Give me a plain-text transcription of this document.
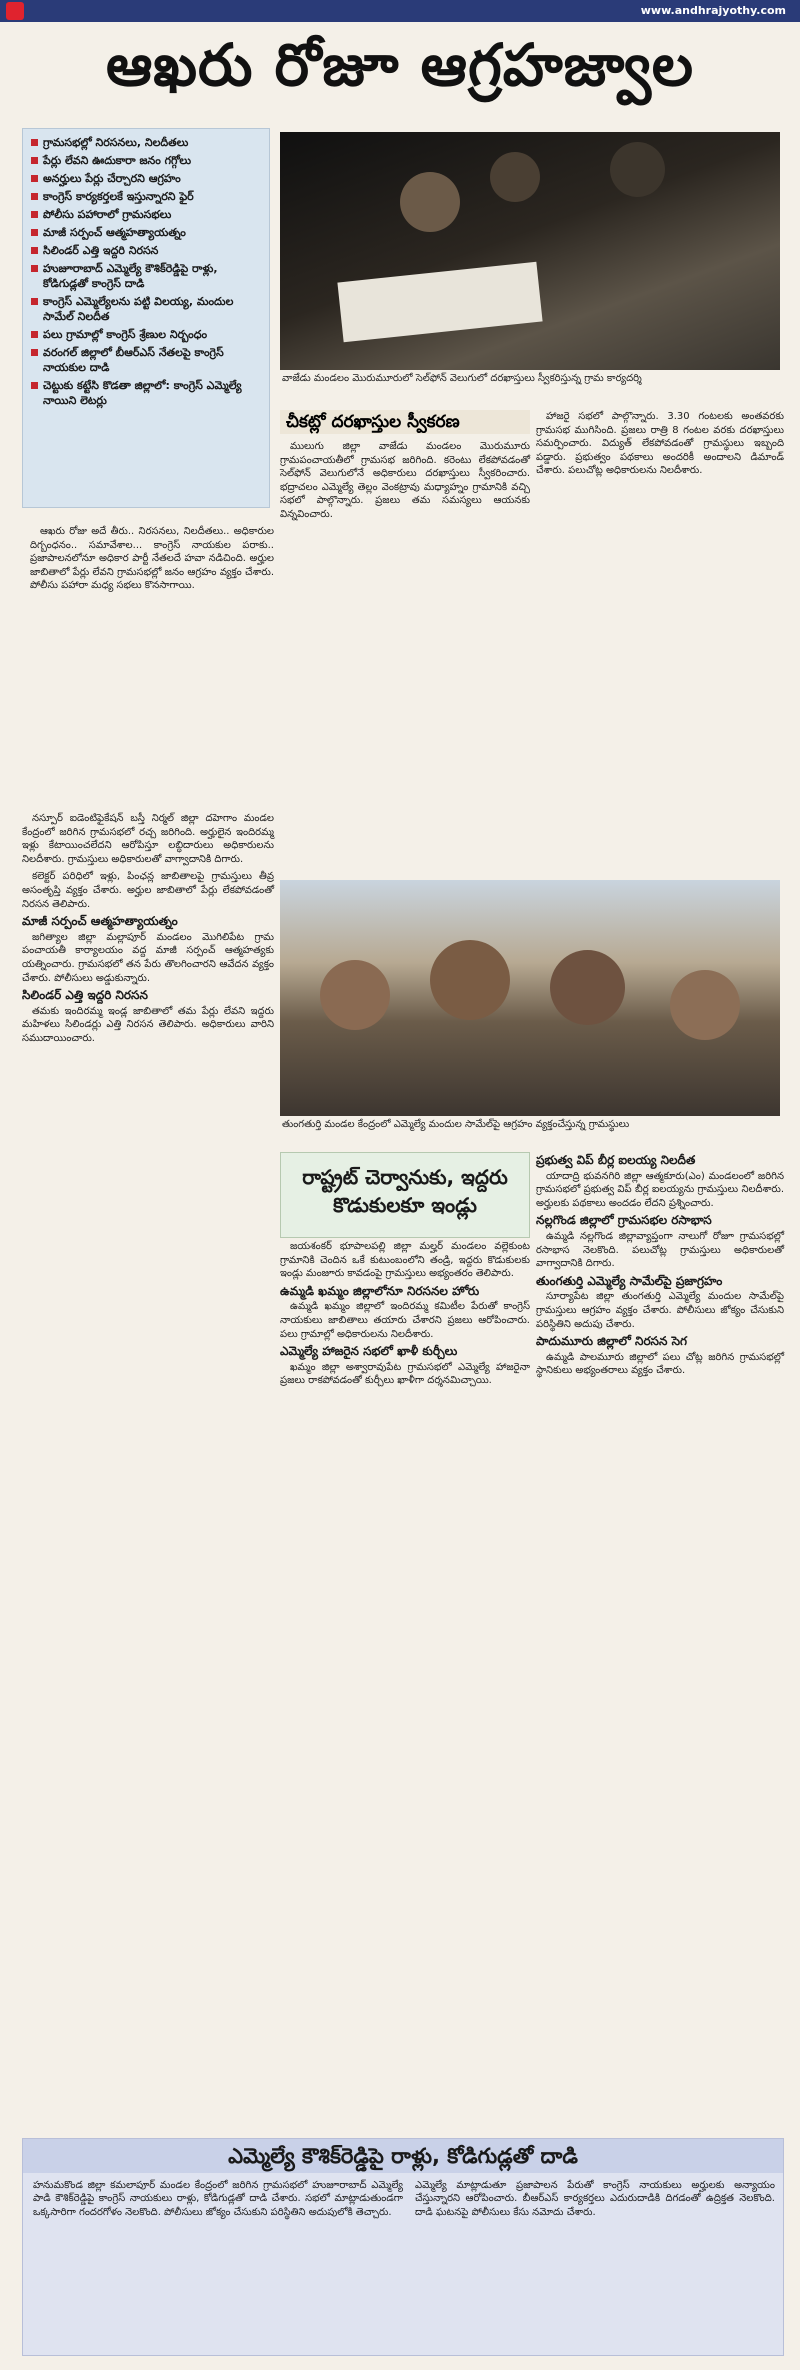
www.andhrajyothy.com
ఆఖరు రోజూ ఆగ్రహజ్వాల
గ్రామసభల్లో నిరసనలు, నిలదీతలు
పేర్లు లేవని ఊదుకారా జనం గగ్గోలు
అనర్హులు పేర్లు చేర్చారని ఆగ్రహం
కాంగ్రెస్ కార్యకర్తలకే ఇస్తున్నారని ఫైర్
పోలీసు పహారాలో గ్రామసభలు
మాజీ సర్పంచ్ ఆత్మహత్యాయత్నం
సిలిండర్ ఎత్తి ఇద్దరి నిరసన
హుజూరాబాద్ ఎమ్మెల్యే కౌశిక్‌రెడ్డిపై రాళ్లు, కోడిగుడ్లతో కాంగ్రెస్ దాడి
కాంగ్రెస్ ఎమ్మెల్యేలను పట్టి విలయ్య, మందుల సామేల్ నిలదీత
పలు గ్రామాల్లో కాంగ్రెస్ శ్రేణుల నిర్బంధం
వరంగల్ జిల్లాలో బీఆర్ఎస్ నేతలపై కాంగ్రెస్ నాయకుల దాడి
చెట్టుకు కట్టేసి కొడతా జిల్లాలో: కాంగ్రెస్ ఎమ్మెల్యే నాయిని లెటర్లు
వాజేడు మండలం మొరుమూరులో సెల్‌ఫోన్ వెలుగులో దరఖాస్తులు స్వీకరిస్తున్న గ్రామ కార్యదర్శి
చీకట్లో దరఖాస్తుల స్వీకరణ

ఆఖరు రోజు అదే తీరు.. నిరసనలు, నిలదీతలు.. అధికారుల దిగ్బంధనం.. సమావేశాల... కాంగ్రెస్ నాయకుల పరాకు.. ప్రజాపాలనలోనూ అధికార పార్టీ నేతలదే హవా నడిచింది. అర్హుల జాబితాలో పేర్లు లేవని గ్రామసభల్లో జనం ఆగ్రహం వ్యక్తం చేశారు. పోలీసు పహారా మధ్య సభలు కొనసాగాయి.

నస్పూర్ ఐడెంటిఫైకేషన్ బస్తీ నిర్మల్ జిల్లా దహెగాం మండల కేంద్రంలో జరిగిన గ్రామసభలో రచ్చ జరిగింది. అర్హులైన ఇందిరమ్మ ఇళ్లు కేటాయించలేదని ఆరోపిస్తూ లబ్ధిదారులు అధికారులను నిలదీశారు. గ్రామస్తులు అధికారులతో వాగ్వాదానికి దిగారు.

కలెక్టర్ పరిధిలో ఇళ్లు, పింఛన్ల జాబితాలపై గ్రామస్తులు తీవ్ర అసంతృప్తి వ్యక్తం చేశారు. అర్హుల జాబితాలో పేర్లు లేకపోవడంతో నిరసన తెలిపారు.

మాజీ సర్పంచ్ ఆత్మహత్యాయత్నం

జగిత్యాల జిల్లా మల్లాపూర్ మండలం మొగిలిపేట గ్రామ పంచాయతీ కార్యాలయం వద్ద మాజీ సర్పంచ్ ఆత్మహత్యకు యత్నించారు. గ్రామసభలో తన పేరు తొలగించారని ఆవేదన వ్యక్తం చేశారు. పోలీసులు అడ్డుకున్నారు.

సిలిండర్ ఎత్తి ఇద్దరి నిరసన

తమకు ఇందిరమ్మ ఇండ్ల జాబితాలో తమ పేర్లు లేవని ఇద్దరు మహిళలు సిలిండర్లు ఎత్తి నిరసన తెలిపారు. అధికారులు వారిని సముదాయించారు.

ములుగు జిల్లా వాజేడు మండలం మొరుమూరు గ్రామపంచాయతీలో గ్రామసభ జరిగింది. కరెంటు లేకపోవడంతో సెల్‌ఫోన్ వెలుగులోనే అధికారులు దరఖాస్తులు స్వీకరించారు. భద్రాచలం ఎమ్మెల్యే తెల్లం వెంకట్రావు మధ్యాహ్నం గ్రామానికి వచ్చి సభలో పాల్గొన్నారు. ప్రజలు తమ సమస్యలు ఆయనకు విన్నవించారు.

హాజరై సభలో పాల్గొన్నారు. 3.30 గంటలకు అంతవరకు గ్రామసభ ముగిసింది. ప్రజలు రాత్రి 8 గంటల వరకు దరఖాస్తులు సమర్పించారు. విద్యుత్ లేకపోవడంతో గ్రామస్థులు ఇబ్బంది పడ్డారు. ప్రభుత్వం పథకాలు అందరికీ అందాలని డిమాండ్ చేశారు. పలుచోట్ల అధికారులను నిలదీశారు.

తుంగతుర్తి మండల కేంద్రంలో ఎమ్మెల్యే మందుల సామేల్‌పై ఆగ్రహం వ్యక్తంచేస్తున్న గ్రామస్థులు
రాష్ట్రట్ చెర్వానుకు, ఇద్దరు కొడుకులకూ ఇండ్లు

జయశంకర్ భూపాలపల్లి జిల్లా మల్హర్ మండలం వల్లెకుంట గ్రామానికి చెందిన ఒకే కుటుంబంలోని తండ్రి, ఇద్దరు కొడుకులకు ఇండ్లు మంజూరు కావడంపై గ్రామస్తులు అభ్యంతరం తెలిపారు.

ఉమ్మడి ఖమ్మం జిల్లాలోనూ నిరసనల హోరు

ఉమ్మడి ఖమ్మం జిల్లాలో ఇందిరమ్మ కమిటీల పేరుతో కాంగ్రెస్ నాయకులు జాబితాలు తయారు చేశారని ప్రజలు ఆరోపించారు. పలు గ్రామాల్లో అధికారులను నిలదీశారు.

ఎమ్మెల్యే హాజరైన సభలో ఖాళీ కుర్చీలు

ఖమ్మం జిల్లా అశ్వారావుపేట గ్రామసభలో ఎమ్మెల్యే హాజరైనా ప్రజలు రాకపోవడంతో కుర్చీలు ఖాళీగా దర్శనమిచ్చాయి.

ప్రభుత్వ విప్ బీర్ల ఐలయ్య నిలదీత

యాదాద్రి భువనగిరి జిల్లా ఆత్మకూరు(ఎం) మండలంలో జరిగిన గ్రామసభలో ప్రభుత్వ విప్ బీర్ల ఐలయ్యను గ్రామస్తులు నిలదీశారు. అర్హులకు పథకాలు అందడం లేదని ప్రశ్నించారు.

నల్లగొండ జిల్లాలో గ్రామసభల రసాభాస

ఉమ్మడి నల్లగొండ జిల్లావ్యాప్తంగా నాలుగో రోజూ గ్రామసభల్లో రసాభాస నెలకొంది. పలుచోట్ల గ్రామస్తులు అధికారులతో వాగ్వాదానికి దిగారు.

తుంగతుర్తి ఎమ్మెల్యే సామేల్‌పై ప్రజాగ్రహం

సూర్యాపేట జిల్లా తుంగతుర్తి ఎమ్మెల్యే మందుల సామేల్‌పై గ్రామస్తులు ఆగ్రహం వ్యక్తం చేశారు. పోలీసులు జోక్యం చేసుకుని పరిస్థితిని అదుపు చేశారు.

పాదుమూరు జిల్లాలో నిరసన సెగ

ఉమ్మడి పాలమూరు జిల్లాలో పలు చోట్ల జరిగిన గ్రామసభల్లో స్థానికులు అభ్యంతరాలు వ్యక్తం చేశారు.

ఎమ్మెల్యే కౌశిక్‌రెడ్డిపై రాళ్లు, కోడిగుడ్లతో దాడి
హనుమకొండ జిల్లా కమలాపూర్ మండల కేంద్రంలో జరిగిన గ్రామసభలో హుజూరాబాద్ ఎమ్మెల్యే పాడి కౌశిక్‌రెడ్డిపై కాంగ్రెస్ నాయకులు రాళ్లు, కోడిగుడ్లతో దాడి చేశారు. సభలో మాట్లాడుతుండగా ఒక్కసారిగా గందరగోళం నెలకొంది. పోలీసులు జోక్యం చేసుకుని పరిస్థితిని అదుపులోకి తెచ్చారు.
ఎమ్మెల్యే మాట్లాడుతూ ప్రజాపాలన పేరుతో కాంగ్రెస్ నాయకులు అర్హులకు అన్యాయం చేస్తున్నారని ఆరోపించారు. బీఆర్ఎస్ కార్యకర్తలు ఎదురుదాడికి దిగడంతో ఉద్రిక్తత నెలకొంది. దాడి ఘటనపై పోలీసులు కేసు నమోదు చేశారు.
